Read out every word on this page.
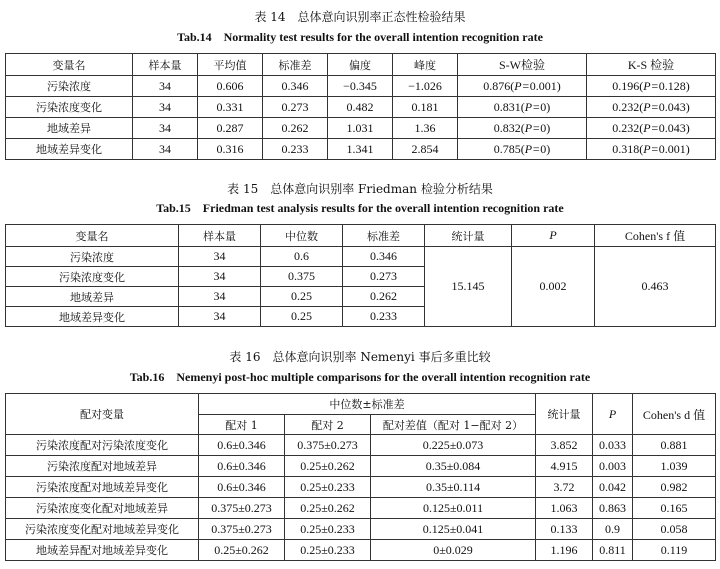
表 14　总体意向识别率正态性检验结果
Tab.14　Normality test results for the overall intention recognition rate
变量名	样本量	平均值	标准差	偏度	峰度	S-W检验	K-S 检验
污染浓度	34	0.606	0.346	−0.345	−1.026	0.876(P=0.001)	0.196(P=0.128)
污染浓度变化	34	0.331	0.273	0.482	0.181	0.831(P=0)	0.232(P=0.043)
地域差异	34	0.287	0.262	1.031	1.36	0.832(P=0)	0.232(P=0.043)
地域差异变化	34	0.316	0.233	1.341	2.854	0.785(P=0)	0.318(P=0.001)
表 15　总体意向识别率 Friedman 检验分析结果
Tab.15　Friedman test analysis results for the overall intention recognition rate
变量名	样本量	中位数	标准差	统计量	P	Cohen's f 值
污染浓度	34	0.6	0.346	15.145	0.002	0.463
污染浓度变化	34	0.375	0.273			
地域差异	34	0.25	0.262			
地域差异变化	34	0.25	0.233			
表 16　总体意向识别率 Nemenyi 事后多重比较
Tab.16　Nemenyi post-hoc multiple comparisons for the overall intention recognition rate
配对变量	中位数±标准差			统计量	P	Cohen's d 值
	配对 1	配对 2	配对差值（配对 1−配对 2）			
污染浓度配对污染浓度变化	0.6±0.346	0.375±0.273	0.225±0.073	3.852	0.033	0.881
污染浓度配对地域差异	0.6±0.346	0.25±0.262	0.35±0.084	4.915	0.003	1.039
污染浓度配对地域差异变化	0.6±0.346	0.25±0.233	0.35±0.114	3.72	0.042	0.982
污染浓度变化配对地域差异	0.375±0.273	0.25±0.262	0.125±0.011	1.063	0.863	0.165
污染浓度变化配对地域差异变化	0.375±0.273	0.25±0.233	0.125±0.041	0.133	0.9	0.058
地域差异配对地域差异变化	0.25±0.262	0.25±0.233	0±0.029	1.196	0.811	0.119
